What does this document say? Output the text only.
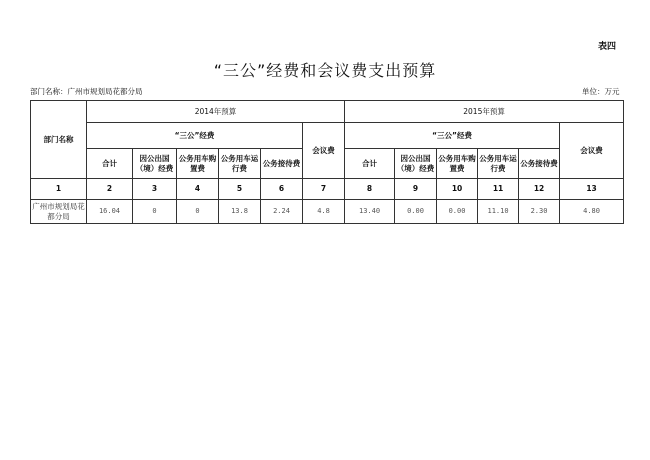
表四
“三公”经费和会议费支出预算
部门名称：广州市规划局花都分局	单位：万元
部门名称	2014年预算						2015年预算					
	“三公”经费					会议费	“三公”经费					会议费
	合计	因公出国（境）经费	公务用车购置费	公务用车运行费	公务接待费		合计	因公出国（境）经费	公务用车购置费	公务用车运行费	公务接待费	
1	2	3	4	5	6	7	8	9	10	11	12	13
广州市规划局花都分局	16.04	0	0	13.8	2.24	4.8	13.40	0.00	0.00	11.10	2.30	4.80
